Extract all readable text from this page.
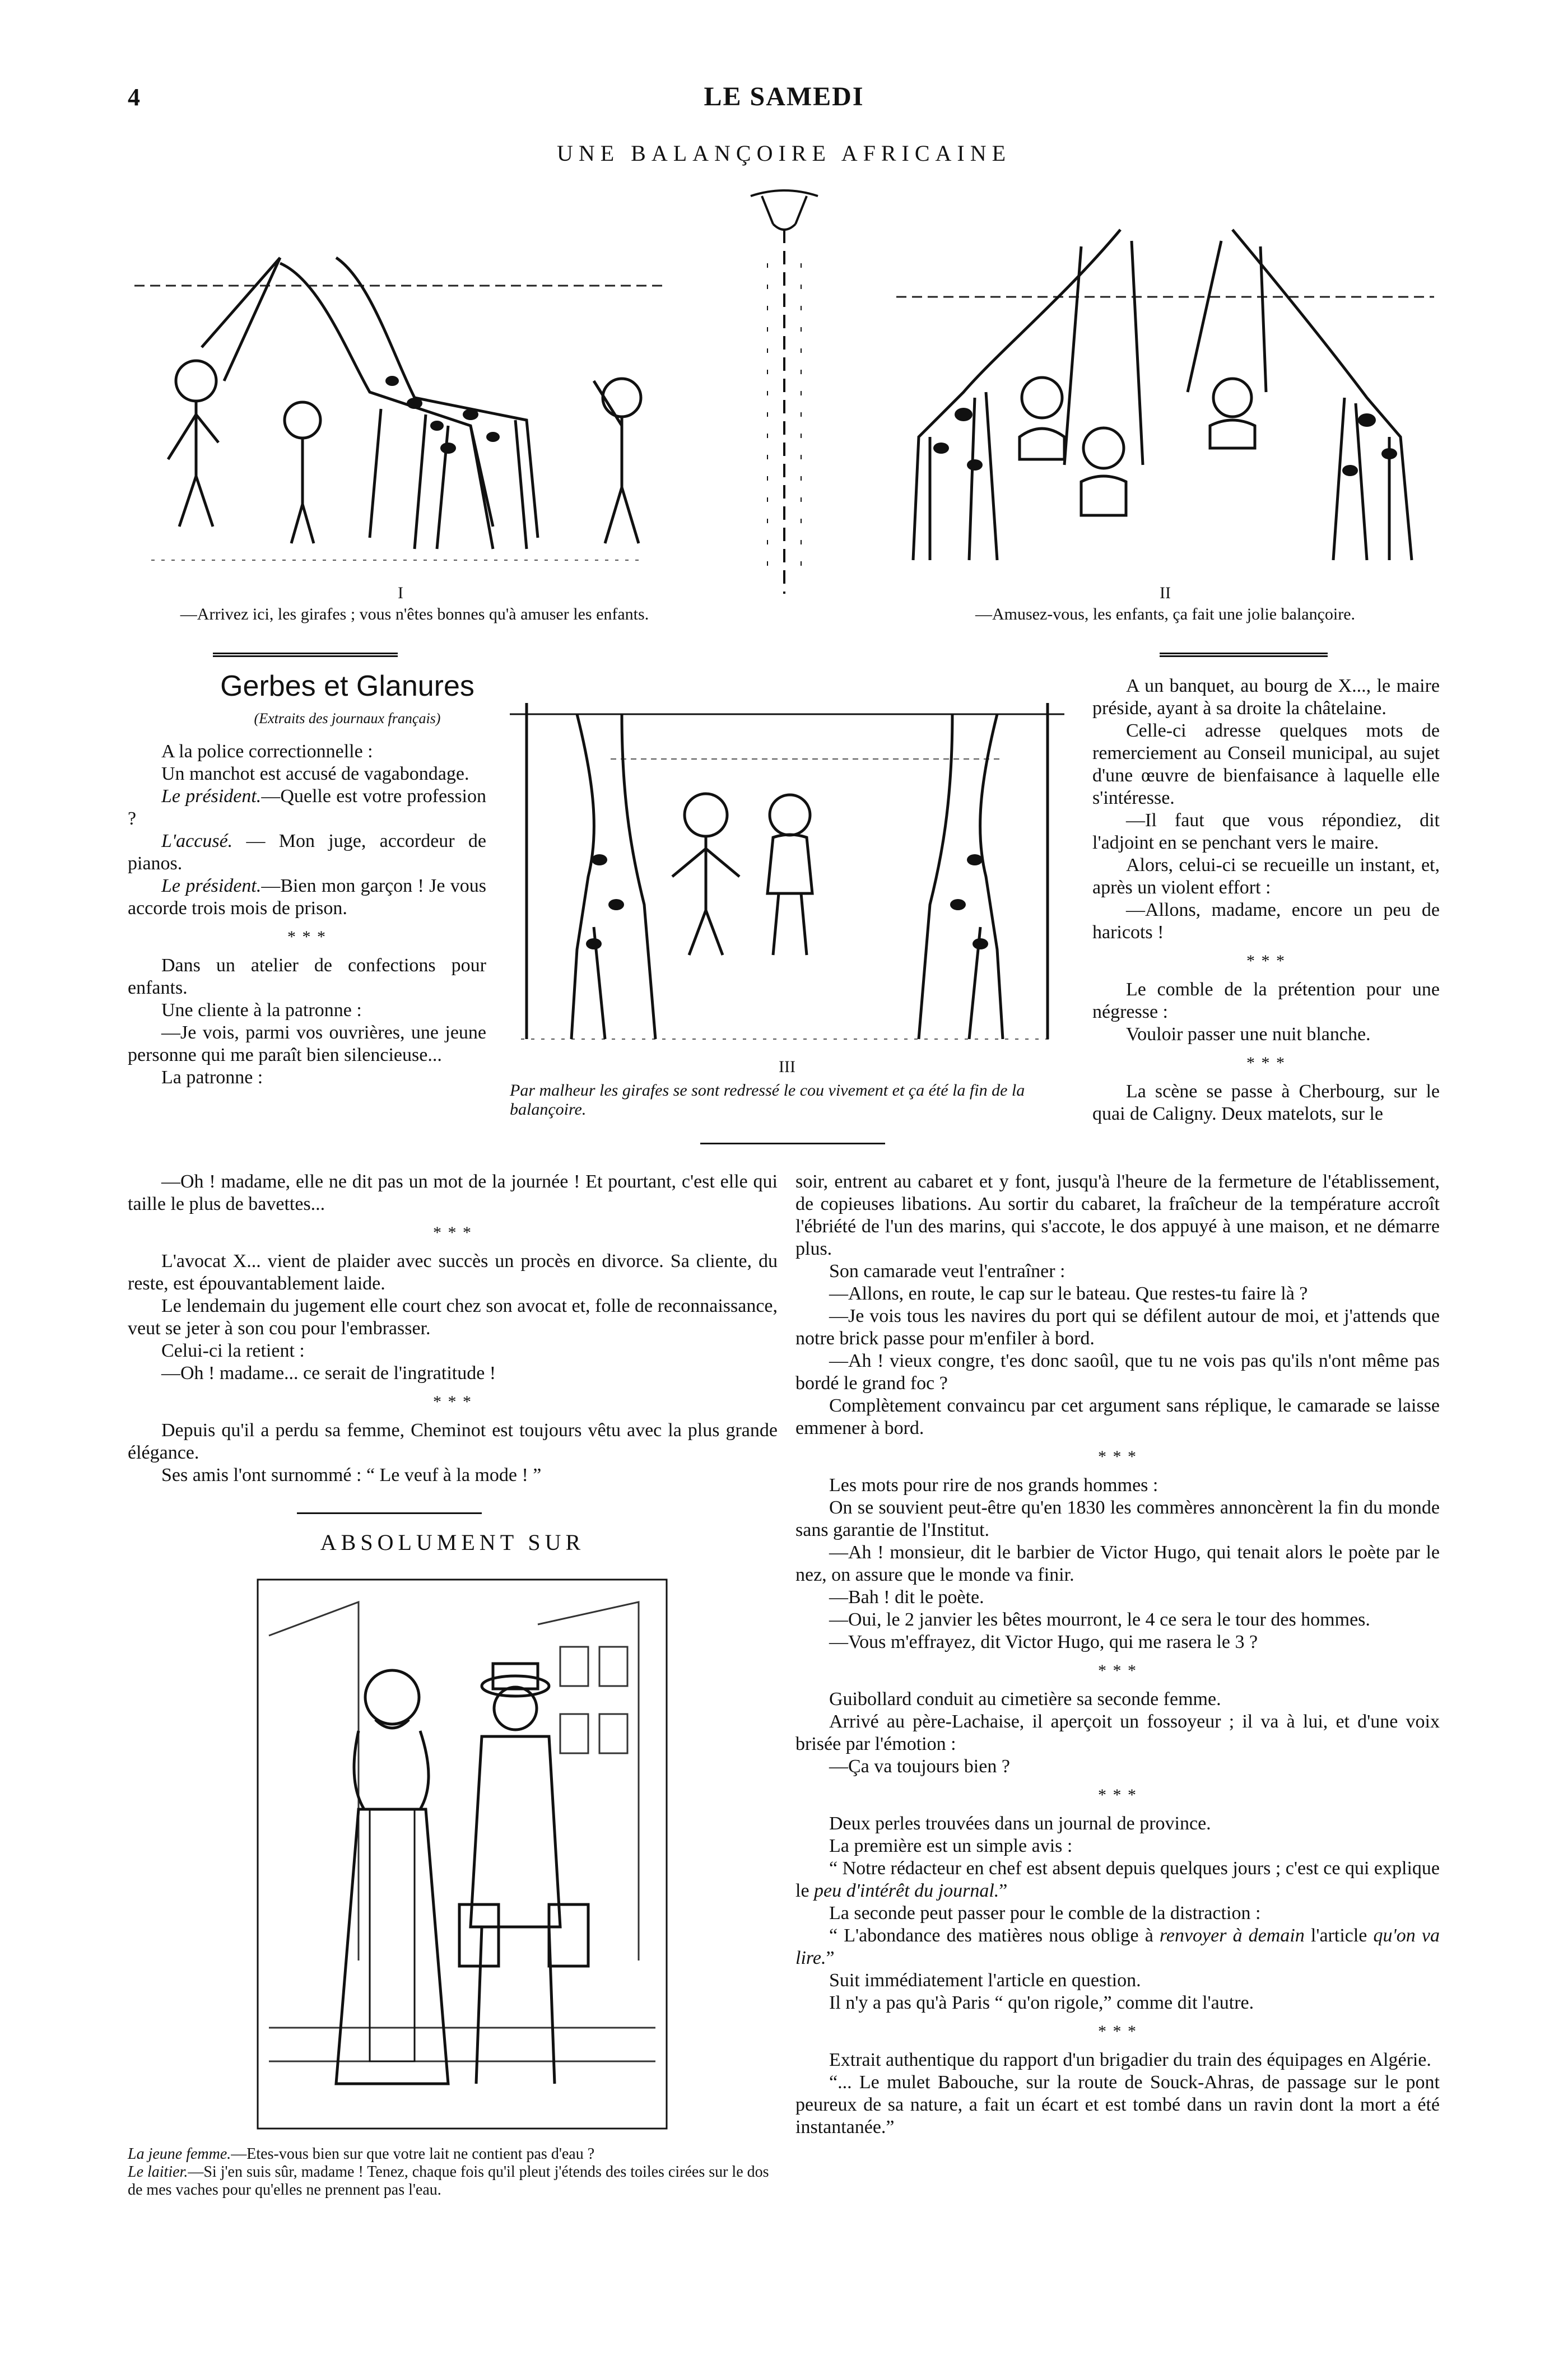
4	LE SAMEDI
UNE BALANÇOIRE AFRICAINE
I
—Arrivez ici, les girafes ; vous n'êtes bonnes qu'à amuser les enfants.
II
—Amusez-vous, les enfants, ça fait une jolie balançoire.
III
Par malheur les girafes se sont redressé le cou vivement et ça été la fin de la balançoire.
Gerbes et Glanures
(Extraits des journaux français)

A la police correctionnelle :

Un manchot est accusé de vagabondage.

Le président.—Quelle est votre profession ?

L'accusé. — Mon juge, accordeur de pianos.

Le président.—Bien mon garçon ! Je vous accorde trois mois de prison.

* * *

Dans un atelier de confections pour enfants.

Une cliente à la patronne :

—Je vois, parmi vos ouvrières, une jeune personne qui me paraît bien silencieuse...

La patronne :

—Oh ! madame, elle ne dit pas un mot de la journée ! Et pourtant, c'est elle qui taille le plus de bavettes...

* * *

L'avocat X... vient de plaider avec succès un procès en divorce. Sa cliente, du reste, est épouvantablement laide.

Le lendemain du jugement elle court chez son avocat et, folle de reconnaissance, veut se jeter à son cou pour l'embrasser.

Celui-ci la retient :

—Oh ! madame... ce serait de l'ingratitude !

* * *

Depuis qu'il a perdu sa femme, Cheminot est toujours vêtu avec la plus grande élégance.

Ses amis l'ont surnommé : “ Le veuf à la mode ! ”

ABSOLUMENT SUR
La jeune femme.—Etes-vous bien sur que votre lait ne contient pas d'eau ?
Le laitier.—Si j'en suis sûr, madame ! Tenez, chaque fois qu'il pleut j'étends des toiles cirées sur le dos de mes vaches pour qu'elles ne prennent pas l'eau.

A un banquet, au bourg de X..., le maire préside, ayant à sa droite la châtelaine.

Celle-ci adresse quelques mots de remerciement au Conseil municipal, au sujet d'une œuvre de bienfaisance à laquelle elle s'intéresse.

—Il faut que vous répondiez, dit l'adjoint en se penchant vers le maire.

Alors, celui-ci se recueille un instant, et, après un violent effort :

—Allons, madame, encore un peu de haricots !

* * *

Le comble de la prétention pour une négresse :

Vouloir passer une nuit blanche.

* * *

La scène se passe à Cherbourg, sur le quai de Caligny. Deux matelots, sur le

soir, entrent au cabaret et y font, jusqu'à l'heure de la fermeture de l'établissement, de copieuses libations. Au sortir du cabaret, la fraîcheur de la température accroît l'ébriété de l'un des marins, qui s'accote, le dos appuyé à une maison, et ne démarre plus.

Son camarade veut l'entraîner :

—Allons, en route, le cap sur le bateau. Que restes-tu faire là ?

—Je vois tous les navires du port qui se défilent autour de moi, et j'attends que notre brick passe pour m'enfiler à bord.

—Ah ! vieux congre, t'es donc saoûl, que tu ne vois pas qu'ils n'ont même pas bordé le grand foc ?

Complètement convaincu par cet argument sans réplique, le camarade se laisse emmener à bord.

* * *

Les mots pour rire de nos grands hommes :

On se souvient peut-être qu'en 1830 les commères annoncèrent la fin du monde sans garantie de l'Institut.

—Ah ! monsieur, dit le barbier de Victor Hugo, qui tenait alors le poète par le nez, on assure que le monde va finir.

—Bah ! dit le poète.

—Oui, le 2 janvier les bêtes mourront, le 4 ce sera le tour des hommes.

—Vous m'effrayez, dit Victor Hugo, qui me rasera le 3 ?

* * *

Guibollard conduit au cimetière sa seconde femme.

Arrivé au père-Lachaise, il aperçoit un fossoyeur ; il va à lui, et d'une voix brisée par l'émotion :

—Ça va toujours bien ?

* * *

Deux perles trouvées dans un journal de province.

La première est un simple avis :

“ Notre rédacteur en chef est absent depuis quelques jours ; c'est ce qui explique le peu d'intérêt du journal.”

La seconde peut passer pour le comble de la distraction :

“ L'abondance des matières nous oblige à renvoyer à demain l'article qu'on va lire.”

Suit immédiatement l'article en question.

Il n'y a pas qu'à Paris “ qu'on rigole,” comme dit l'autre.

* * *

Extrait authentique du rapport d'un brigadier du train des équipages en Algérie.

“... Le mulet Babouche, sur la route de Souck-Ahras, de passage sur le pont peureux de sa nature, a fait un écart et est tombé dans un ravin dont la mort a été instantanée.”
